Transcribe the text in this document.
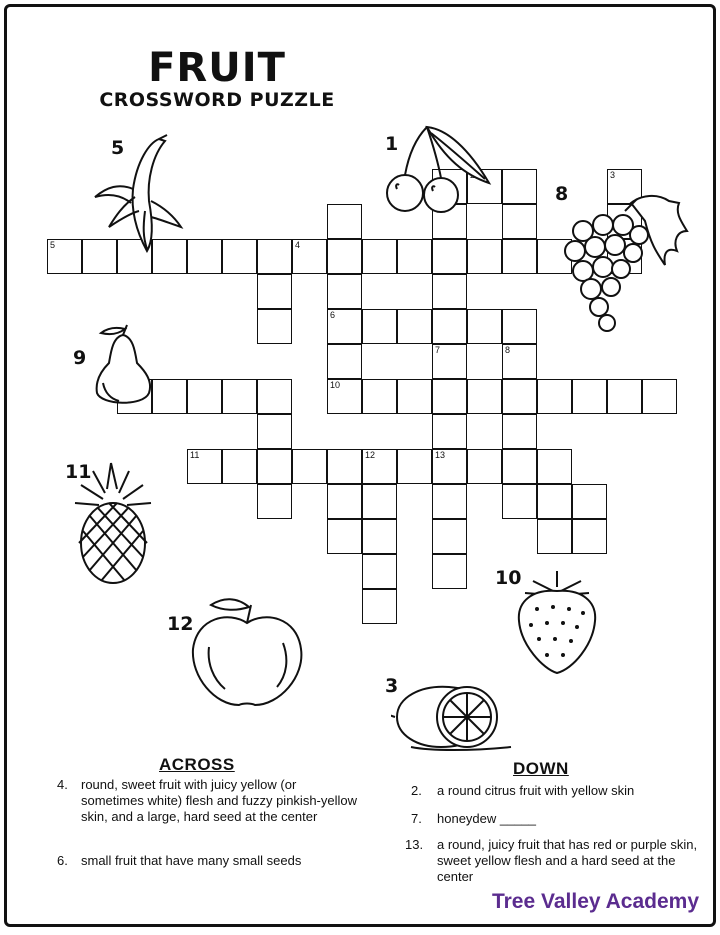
FRUIT
CROSSWORD PUZZLE
3
4
5
6
7	8
10
11	12	13
5	1
8
9
11
10
12
3
ACROSS
4.	round, sweet fruit with juicy yellow (or sometimes white) flesh and fuzzy pinkish-yellow skin, and a large, hard seed at the center
6.	small fruit that have many small seeds
DOWN
2.	a round citrus fruit with yellow skin
7.	honeydew _____
13.	a round, juicy fruit that has red or purple skin, sweet yellow flesh and a hard seed at the center
Tree Valley Academy
